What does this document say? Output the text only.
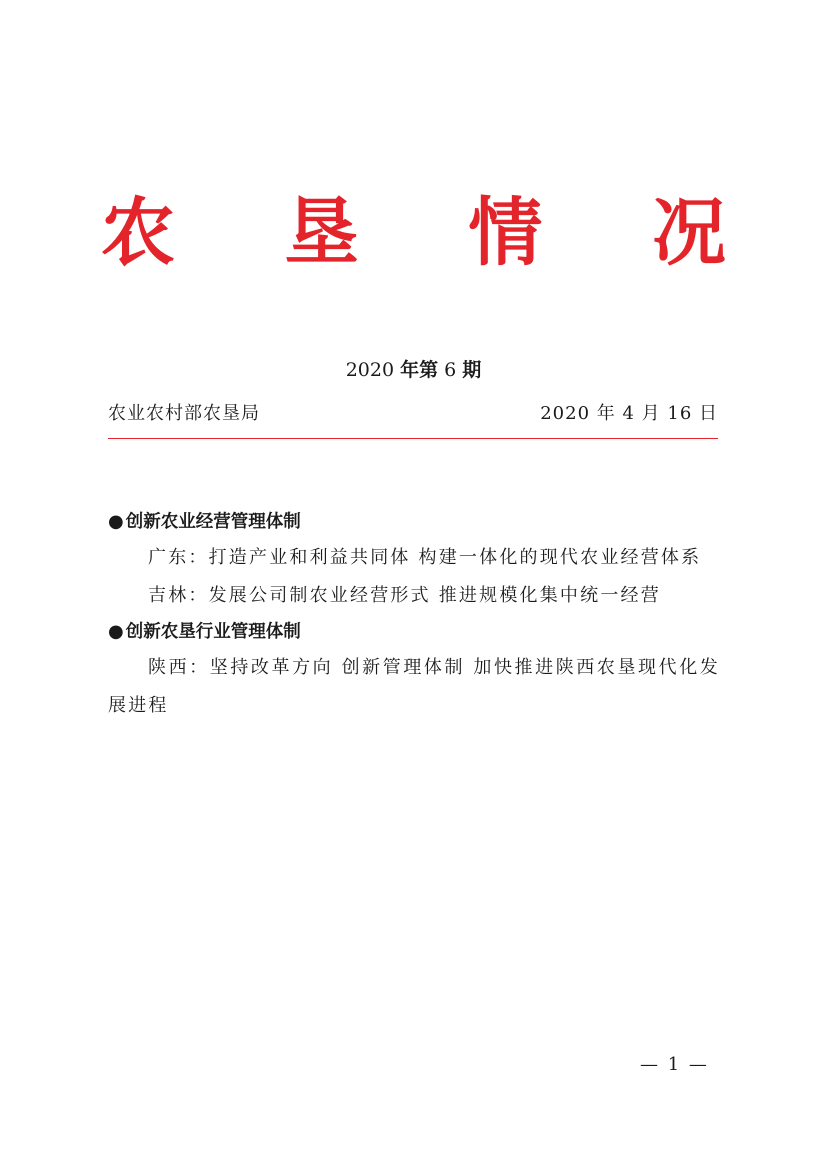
农 垦 情 况
2020 年第 6 期
农业农村部农垦局	2020 年 4 月 16 日
● 创新农业经营管理体制

广东：打造产业和利益共同体 构建一体化的现代农业经营体系

吉林：发展公司制农业经营形式 推进规模化集中统一经营

● 创新农垦行业管理体制

陕西：坚持改革方向 创新管理体制 加快推进陕西农垦现代化发展进程

— 1 —
